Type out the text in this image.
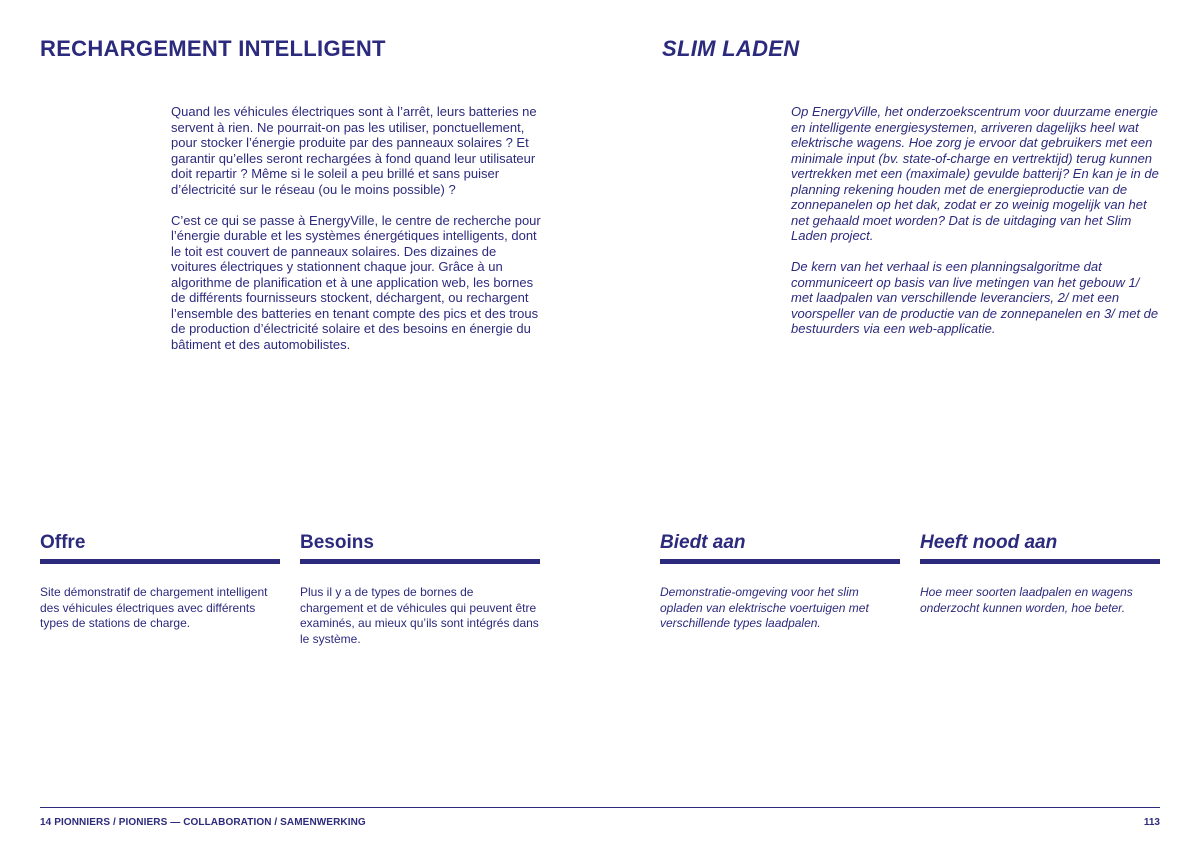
RECHARGEMENT INTELLIGENT	SLIM LADEN

Quand les véhicules électriques sont à l’arrêt, leurs batteries ne servent à rien. Ne pourrait-on pas les utiliser, ponctuellement, pour stocker l’énergie produite par des panneaux solaires ? Et garantir qu’elles seront rechargées à fond quand leur utilisateur doit repartir ? Même si le soleil a peu brillé et sans puiser d’électricité sur le réseau (ou le moins possible) ?

C’est ce qui se passe à EnergyVille, le centre de recherche pour l’énergie durable et les systèmes énergétiques intelligents, dont le toit est couvert de panneaux solaires. Des dizaines de voitures électriques y stationnent chaque jour. Grâce à un algorithme de planification et à une application web, les bornes de différents fournisseurs stockent, déchargent, ou rechargent l’ensemble des batteries en tenant compte des pics et des trous de production d’électricité solaire et des besoins en énergie du bâtiment et des automobilistes.

Op EnergyVille, het onderzoekscentrum voor duurzame energie en intelligente energiesystemen, arriveren dagelijks heel wat elektrische wagens. Hoe zorg je ervoor dat gebruikers met een minimale input (bv. state-of-charge en vertrektijd) terug kunnen vertrekken met een (maximale) gevulde batterij? En kan je in de planning rekening houden met de energieproductie van de zonnepanelen op het dak, zodat er zo weinig mogelijk van het net gehaald moet worden? Dat is de uitdaging van het Slim Laden project.

De kern van het verhaal is een planningsalgoritme dat communiceert op basis van live metingen van het gebouw 1/ met laadpalen van verschillende leveranciers, 2/ met een voorspeller van de productie van de zonnepanelen en 3/ met de bestuurders via een web-applicatie.

Offre

Site démonstratif de chargement intelligent des véhicules électriques avec différents types de stations de charge.

Besoins

Plus il y a de types de bornes de chargement et de véhicules qui peuvent être examinés, au mieux qu’ils sont intégrés dans le système.

Biedt aan

Demonstratie-omgeving voor het slim opladen van elektrische voertuigen met verschillende types laadpalen.

Heeft nood aan

Hoe meer soorten laadpalen en wagens onderzocht kunnen worden, hoe beter.

14 PIONNIERS / PIONIERS — COLLABORATION / SAMENWERKING	113
